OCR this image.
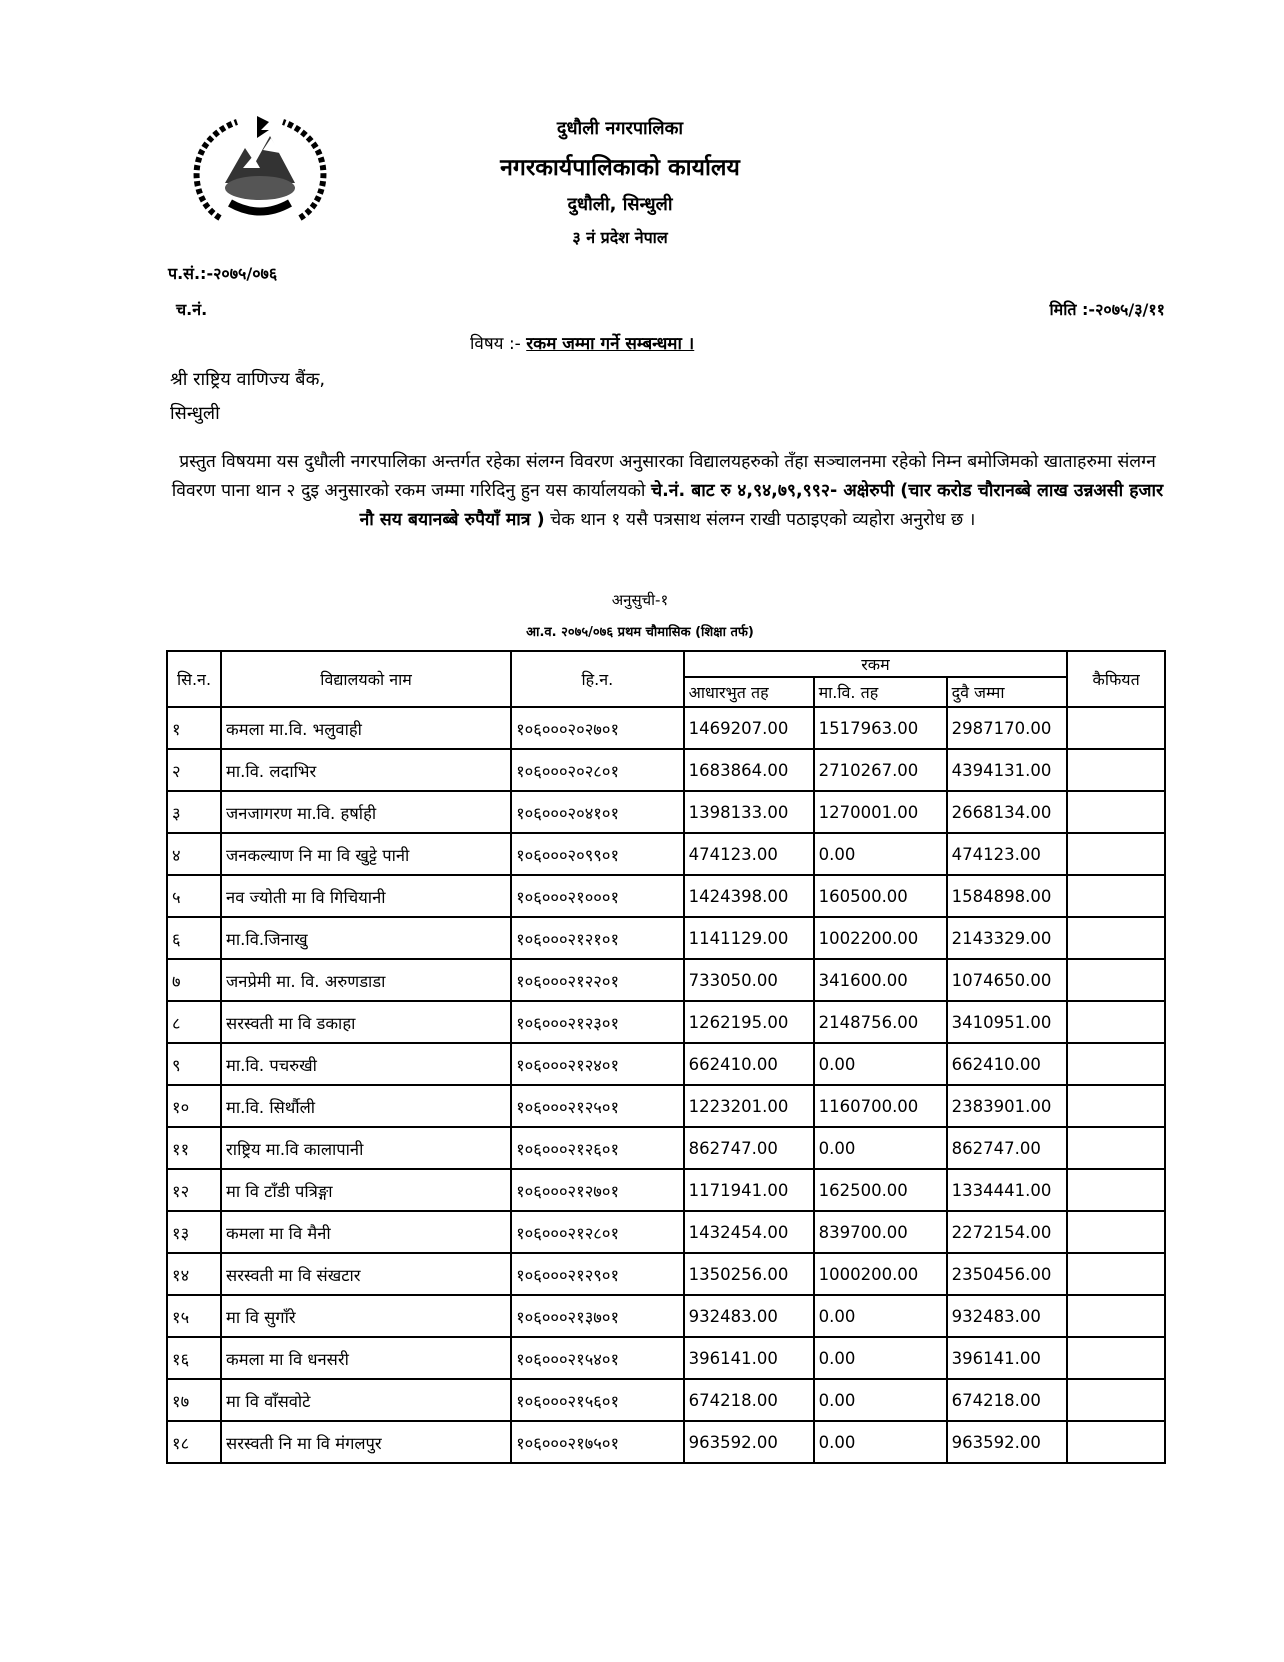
दुधौली नगरपालिका
नगरकार्यपालिकाको कार्यालय
दुधौली, सिन्धुली
३ नं प्रदेश नेपाल
प.सं.:-२०७५/०७६
च.नं.	मिति :-२०७५/३/११
विषय :- रकम जम्मा गर्ने सम्बन्धमा ।
श्री राष्ट्रिय वाणिज्य बैंक,
सिन्धुली
प्रस्तुत विषयमा यस दुधौली नगरपालिका अन्तर्गत रहेका संलग्न विवरण अनुसारका विद्यालयहरुको तँहा सञ्चालनमा रहेको निम्न बमोजिमको खाताहरुमा संलग्न विवरण पाना थान २ दुइ अनुसारको रकम जम्मा गरिदिनु हुन यस कार्यालयको चे.नं. बाट रु ४,९४,७९,९९२- अक्षेरुपी (चार करोड चौरानब्बे लाख उन्नअसी हजार नौ सय बयानब्बे रुपैयाँ मात्र ) चेक थान १ यसै पत्रसाथ संलग्न राखी पठाइएको व्यहोरा अनुरोध छ ।
अनुसुची-१
आ.व. २०७५/०७६ प्रथम चौमासिक (शिक्षा तर्फ)
सि.न.	विद्यालयको नाम	हि.न.	रकम			कैफियत
			आधारभुत तह	मा.वि. तह	दुवै जम्मा	
१	कमला मा.वि. भलुवाही	१०६०००२०२७०१	1469207.00	1517963.00	2987170.00	
२	मा.वि. लदाभिर	१०६०००२०२८०१	1683864.00	2710267.00	4394131.00	
३	जनजागरण मा.वि. हर्षाही	१०६०००२०४१०१	1398133.00	1270001.00	2668134.00	
४	जनकल्याण नि मा वि खुट्टे पानी	१०६०००२०९९०१	474123.00	0.00	474123.00	
५	नव ज्योती मा वि गिचियानी	१०६०००२१०००१	1424398.00	160500.00	1584898.00	
६	मा.वि.जिनाखु	१०६०००२१२१०१	1141129.00	1002200.00	2143329.00	
७	जनप्रेमी मा. वि. अरुणडाडा	१०६०००२१२२०१	733050.00	341600.00	1074650.00	
८	सरस्वती मा वि डकाहा	१०६०००२१२३०१	1262195.00	2148756.00	3410951.00	
९	मा.वि. पचरुखी	१०६०००२१२४०१	662410.00	0.00	662410.00	
१०	मा.वि. सिर्थौली	१०६०००२१२५०१	1223201.00	1160700.00	2383901.00	
११	राष्ट्रिय मा.वि कालापानी	१०६०००२१२६०१	862747.00	0.00	862747.00	
१२	मा वि टाँडी पत्रिङ्गा	१०६०००२१२७०१	1171941.00	162500.00	1334441.00	
१३	कमला मा वि मैनी	१०६०००२१२८०१	1432454.00	839700.00	2272154.00	
१४	सरस्वती मा वि संखटार	१०६०००२१२९०१	1350256.00	1000200.00	2350456.00	
१५	मा वि सुगाँरे	१०६०००२१३७०१	932483.00	0.00	932483.00	
१६	कमला मा वि धनसरी	१०६०००२१५४०१	396141.00	0.00	396141.00	
१७	मा वि वाँसवोटे	१०६०००२१५६०१	674218.00	0.00	674218.00	
१८	सरस्वती नि मा वि मंगलपुर	१०६०००२१७५०१	963592.00	0.00	963592.00	
